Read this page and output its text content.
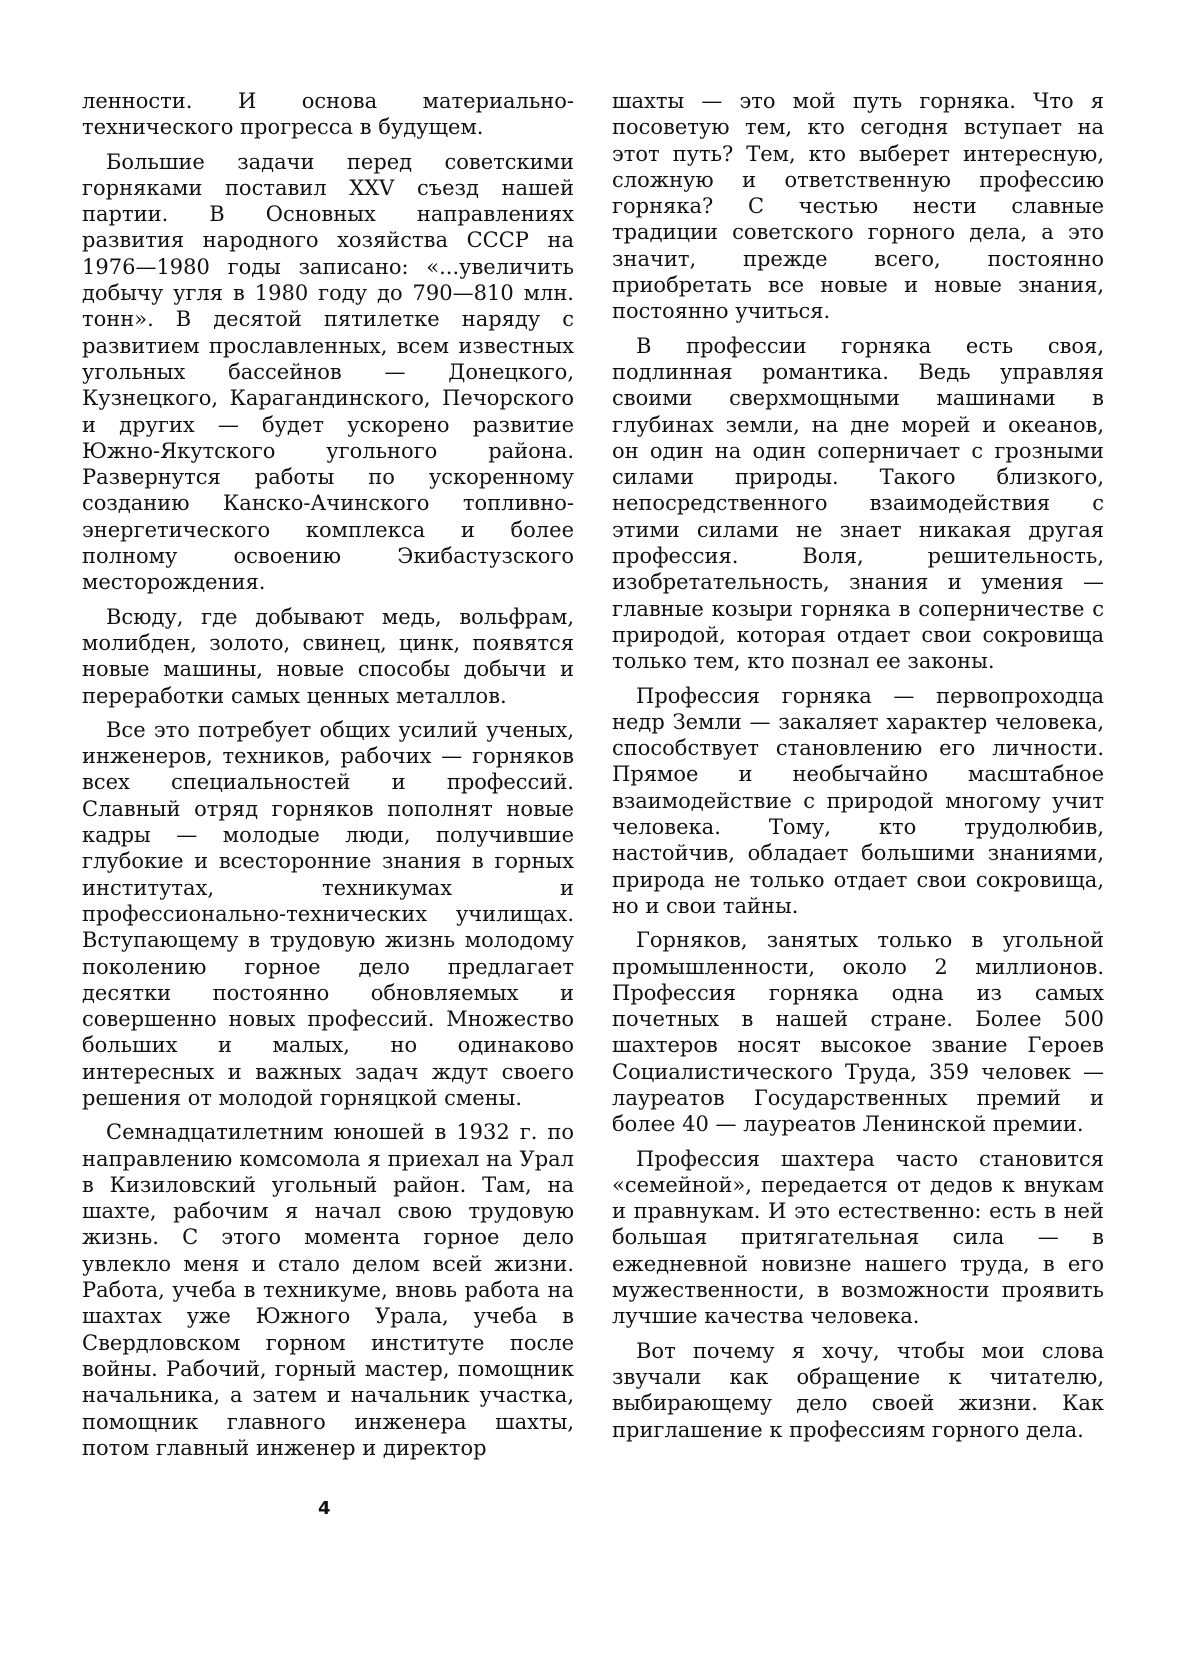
ленности. И основа материально-технического прогресса в будущем.

Большие задачи перед советскими горняками поставил XXV съезд нашей партии. В Основных направлениях развития народного хозяйства СССР на 1976—1980 годы записано: «...увеличить добычу угля в 1980 году до 790—810 млн. тонн». В десятой пятилетке наряду с развитием прославленных, всем известных угольных бассейнов — Донецкого, Кузнецкого, Карагандинского, Печорского и других — будет ускорено развитие Южно-Якутского угольного района. Развернутся работы по ускоренному созданию Канско-Ачинского топливно-энергетического комплекса и более полному освоению Экибастузского месторождения.

Всюду, где добывают медь, вольфрам, молибден, золото, свинец, цинк, появятся новые машины, новые способы добычи и переработки самых ценных металлов.

Все это потребует общих усилий ученых, инженеров, техников, рабочих — горняков всех специальностей и профессий. Славный отряд горняков пополнят новые кадры — молодые люди, получившие глубокие и всесторонние знания в горных институтах, техникумах и профессионально-технических училищах. Вступающему в трудовую жизнь молодому поколению горное дело предлагает десятки постоянно обновляемых и совершенно новых профессий. Множество больших и малых, но одинаково интересных и важных задач ждут своего решения от молодой горняцкой смены.

Семнадцатилетним юношей в 1932 г. по направлению комсомола я приехал на Урал в Кизиловский угольный район. Там, на шахте, рабочим я начал свою трудовую жизнь. С этого момента горное дело увлекло меня и стало делом всей жизни. Работа, учеба в техникуме, вновь работа на шахтах уже Южного Урала, учеба в Свердловском горном институте после войны. Рабочий, горный мастер, помощник начальника, а затем и начальник участка, помощник главного инженера шахты, потом главный инженер и директор

шахты — это мой путь горняка. Что я посоветую тем, кто сегодня вступает на этот путь? Тем, кто выберет интересную, сложную и ответственную профессию горняка? С честью нести славные традиции советского горного дела, а это значит, прежде всего, постоянно приобретать все новые и новые знания, постоянно учиться.

В профессии горняка есть своя, подлинная романтика. Ведь управляя своими сверхмощными машинами в глубинах земли, на дне морей и океанов, он один на один соперничает с грозными силами природы. Такого близкого, непосредственного взаимодействия с этими силами не знает никакая другая профессия. Воля, решительность, изобретательность, знания и умения — главные козыри горняка в соперничестве с природой, которая отдает свои сокровища только тем, кто познал ее законы.

Профессия горняка — первопроходца недр Земли — закаляет характер человека, способствует становлению его личности. Прямое и необычайно масштабное взаимодействие с природой многому учит человека. Тому, кто трудолюбив, настойчив, обладает большими знаниями, природа не только отдает свои сокровища, но и свои тайны.

Горняков, занятых только в угольной промышленности, около 2 миллионов. Профессия горняка одна из самых почетных в нашей стране. Более 500 шахтеров носят высокое звание Героев Социалистического Труда, 359 человек — лауреатов Государственных премий и более 40 — лауреатов Ленинской премии.

Профессия шахтера часто становится «семейной», передается от дедов к внукам и правнукам. И это естественно: есть в ней большая притягательная сила — в ежедневной новизне нашего труда, в его мужественности, в возможности проявить лучшие качества человека.

Вот почему я хочу, чтобы мои слова звучали как обращение к читателю, выбирающему дело своей жизни. Как приглашение к профессиям горного дела.

4
